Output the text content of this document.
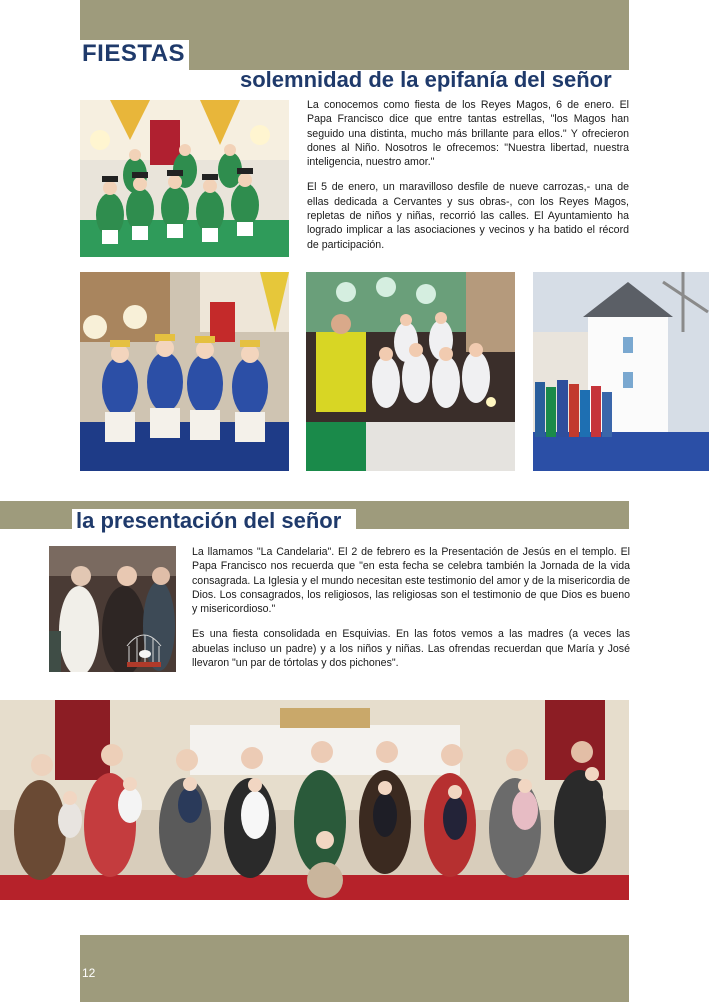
FIESTAS
solemnidad de la epifanía del señor

La conocemos como fiesta de los Reyes Magos, 6 de enero. El Papa Francisco dice que entre tantas estrellas, "los Magos han seguido una distinta, mucho más brillante para ellos." Y ofrecieron dones al Niño. Nosotros le ofrecemos: "Nuestra libertad, nuestra inteligencia, nuestro amor."

El 5 de enero, un maravilloso desfile de nueve carrozas,- una de ellas dedicada a Cervantes y sus obras-, con los Reyes Magos, repletas de niños y niñas, recorrió las calles. El Ayuntamiento ha logrado implicar a las asociaciones y vecinos y ha batido el récord de participación.

la presentación del señor

La llamamos "La Candelaria". El 2 de febrero es la Presentación de Jesús en el templo. El Papa Francisco nos recuerda que "en esta fecha se celebra también la Jornada de la vida consagrada. La Iglesia y el mundo necesitan este testimonio del amor y de la misericordia de Dios. Los consagrados, los religiosos, las religiosas son el testimonio de que Dios es bueno y misericordioso."

Es una fiesta consolidada en Esquivias. En las fotos vemos a las madres (a veces las abuelas incluso un padre) y a los niños y niñas. Las ofrendas recuerdan que María y José llevaron "un par de tórtolas y dos pichones".

12
